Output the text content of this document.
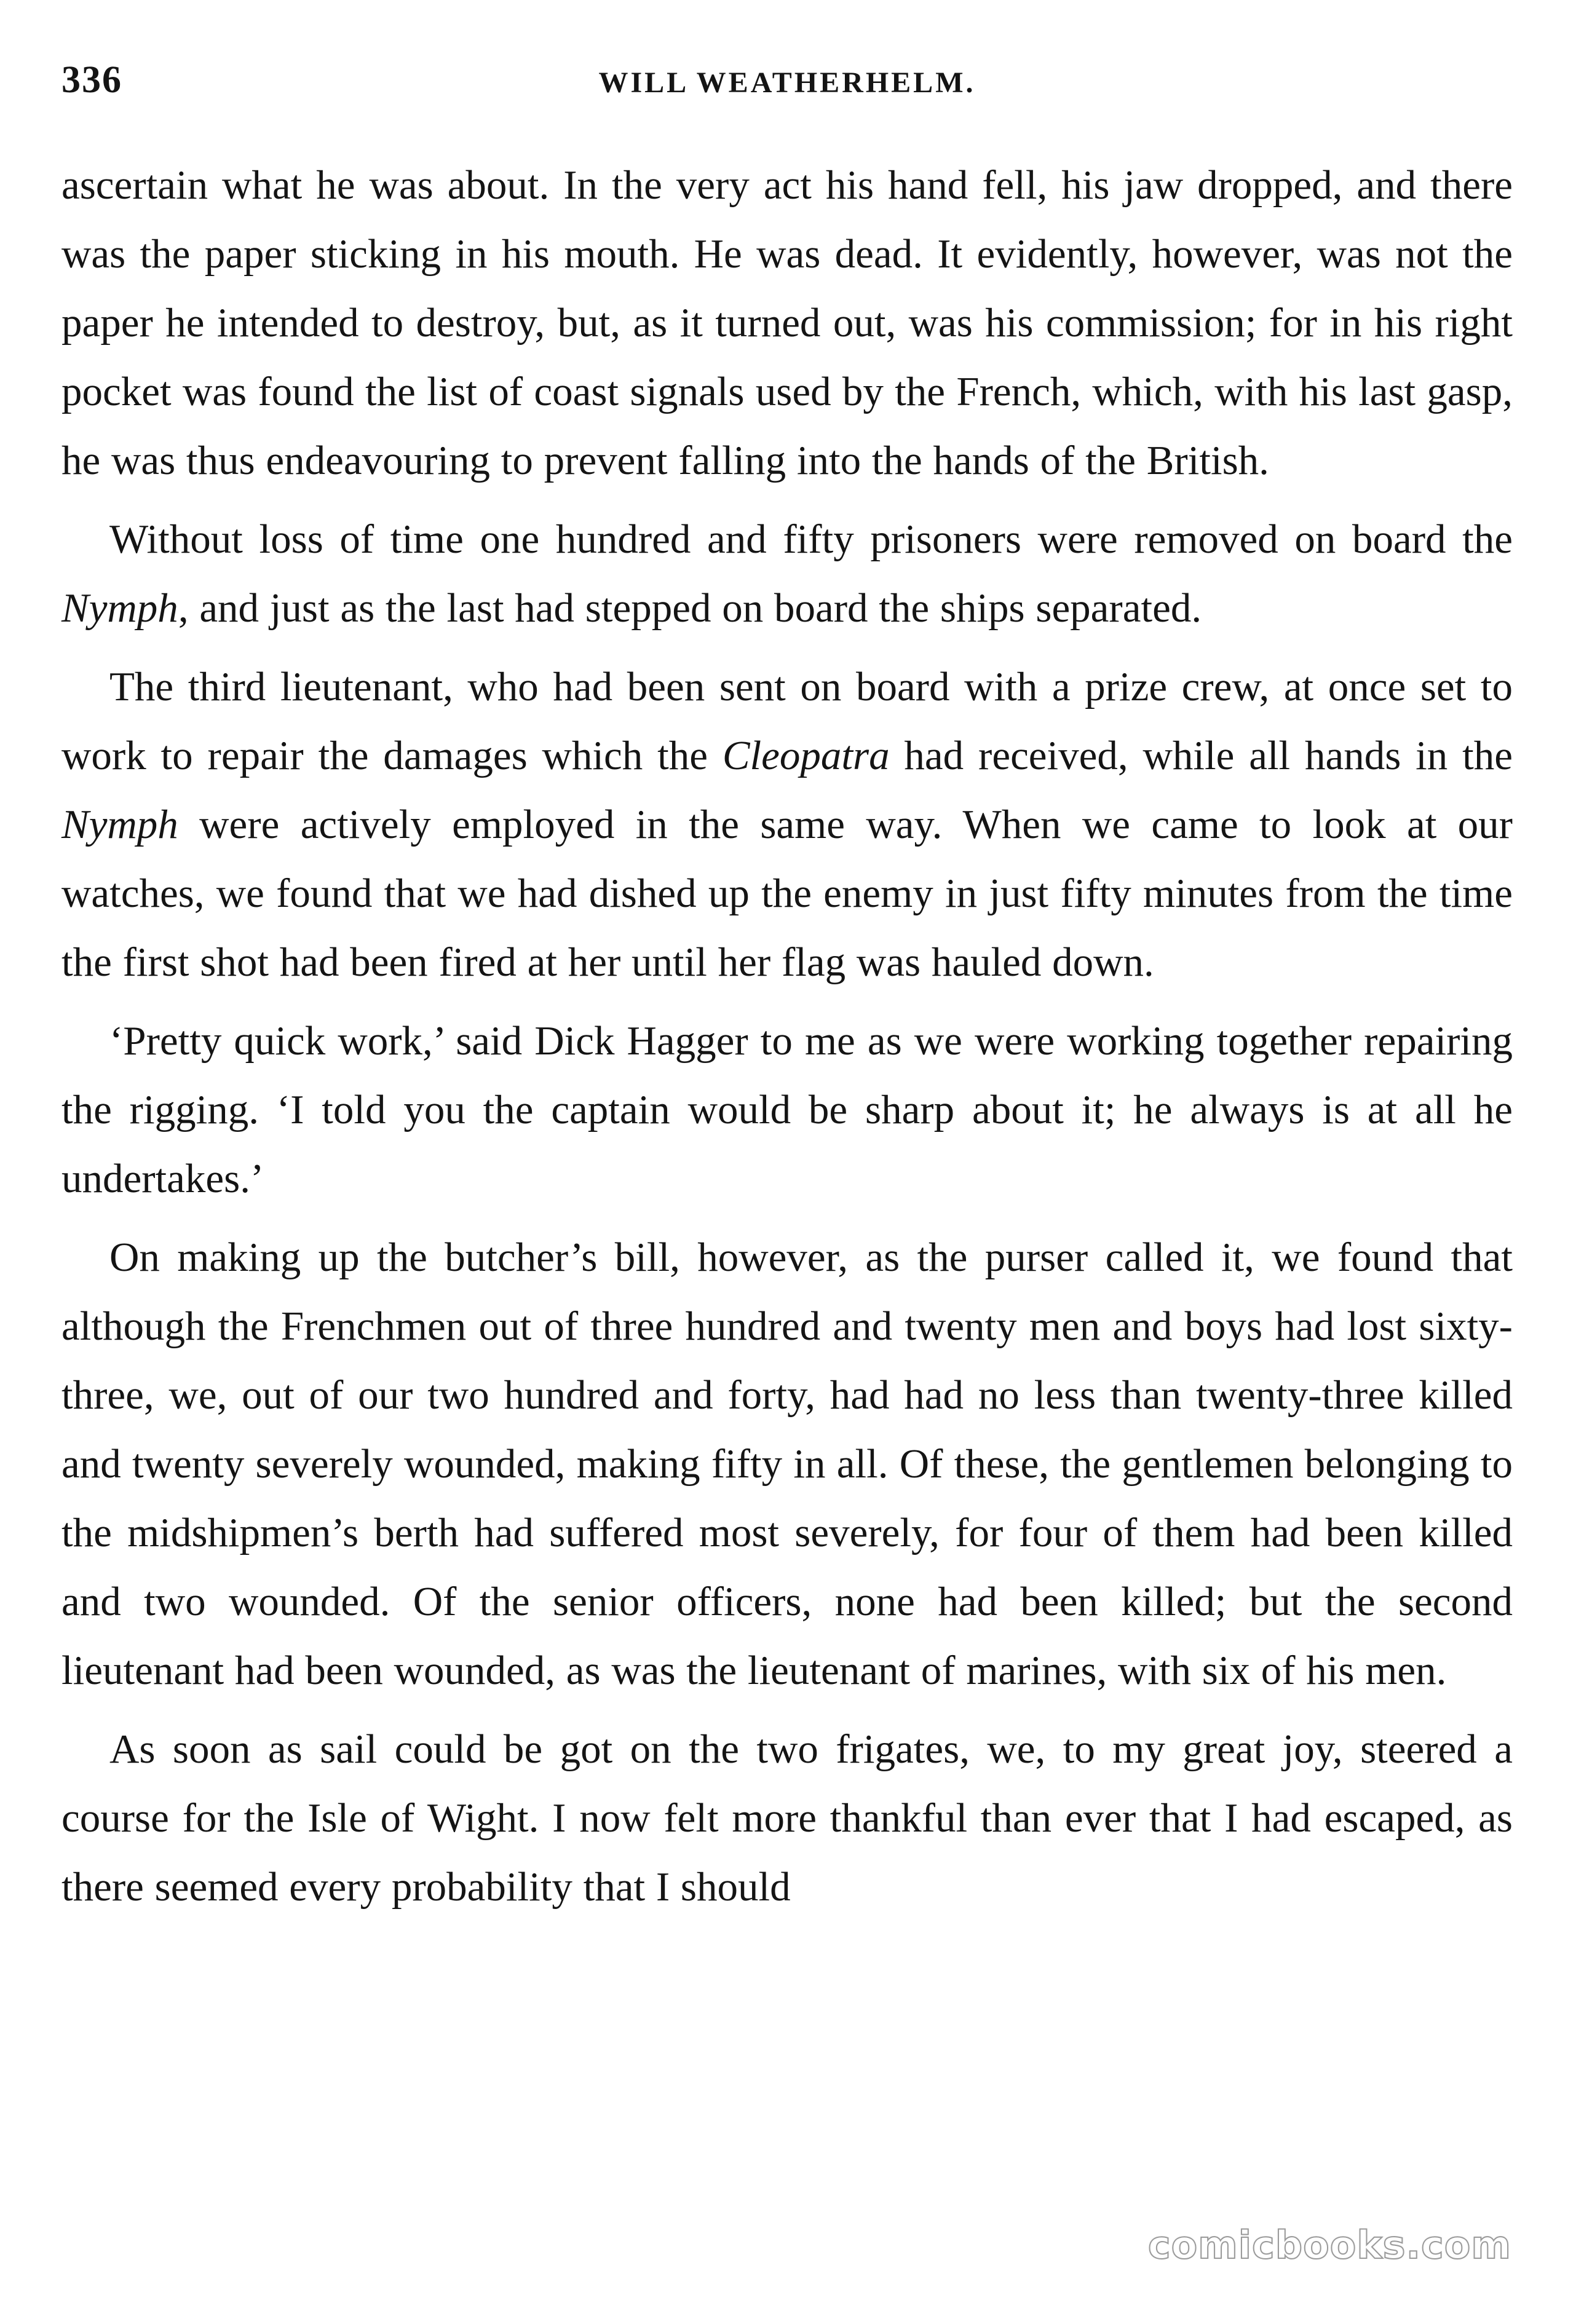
336	WILL WEATHERHELM.

ascertain what he was about. In the very act his hand fell, his jaw dropped, and there was the paper sticking in his mouth. He was dead. It evidently, however, was not the paper he intended to destroy, but, as it turned out, was his commission; for in his right pocket was found the list of coast signals used by the French, which, with his last gasp, he was thus endeavouring to prevent falling into the hands of the British.

Without loss of time one hundred and fifty prisoners were removed on board the Nymph, and just as the last had stepped on board the ships separated.

The third lieutenant, who had been sent on board with a prize crew, at once set to work to repair the damages which the Cleopatra had received, while all hands in the Nymph were actively employed in the same way. When we came to look at our watches, we found that we had dished up the enemy in just fifty minutes from the time the first shot had been fired at her until her flag was hauled down.

‘Pretty quick work,’ said Dick Hagger to me as we were working together repairing the rigging. ‘I told you the captain would be sharp about it; he always is at all he undertakes.’

On making up the butcher’s bill, however, as the purser called it, we found that although the Frenchmen out of three hundred and twenty men and boys had lost sixty-three, we, out of our two hundred and forty, had had no less than twenty-three killed and twenty severely wounded, making fifty in all. Of these, the gentlemen belonging to the midshipmen’s berth had suffered most severely, for four of them had been killed and two wounded. Of the senior officers, none had been killed; but the second lieutenant had been wounded, as was the lieutenant of marines, with six of his men.

As soon as sail could be got on the two frigates, we, to my great joy, steered a course for the Isle of Wight. I now felt more thankful than ever that I had escaped, as there seemed every probability that I should

comicbooks.com
